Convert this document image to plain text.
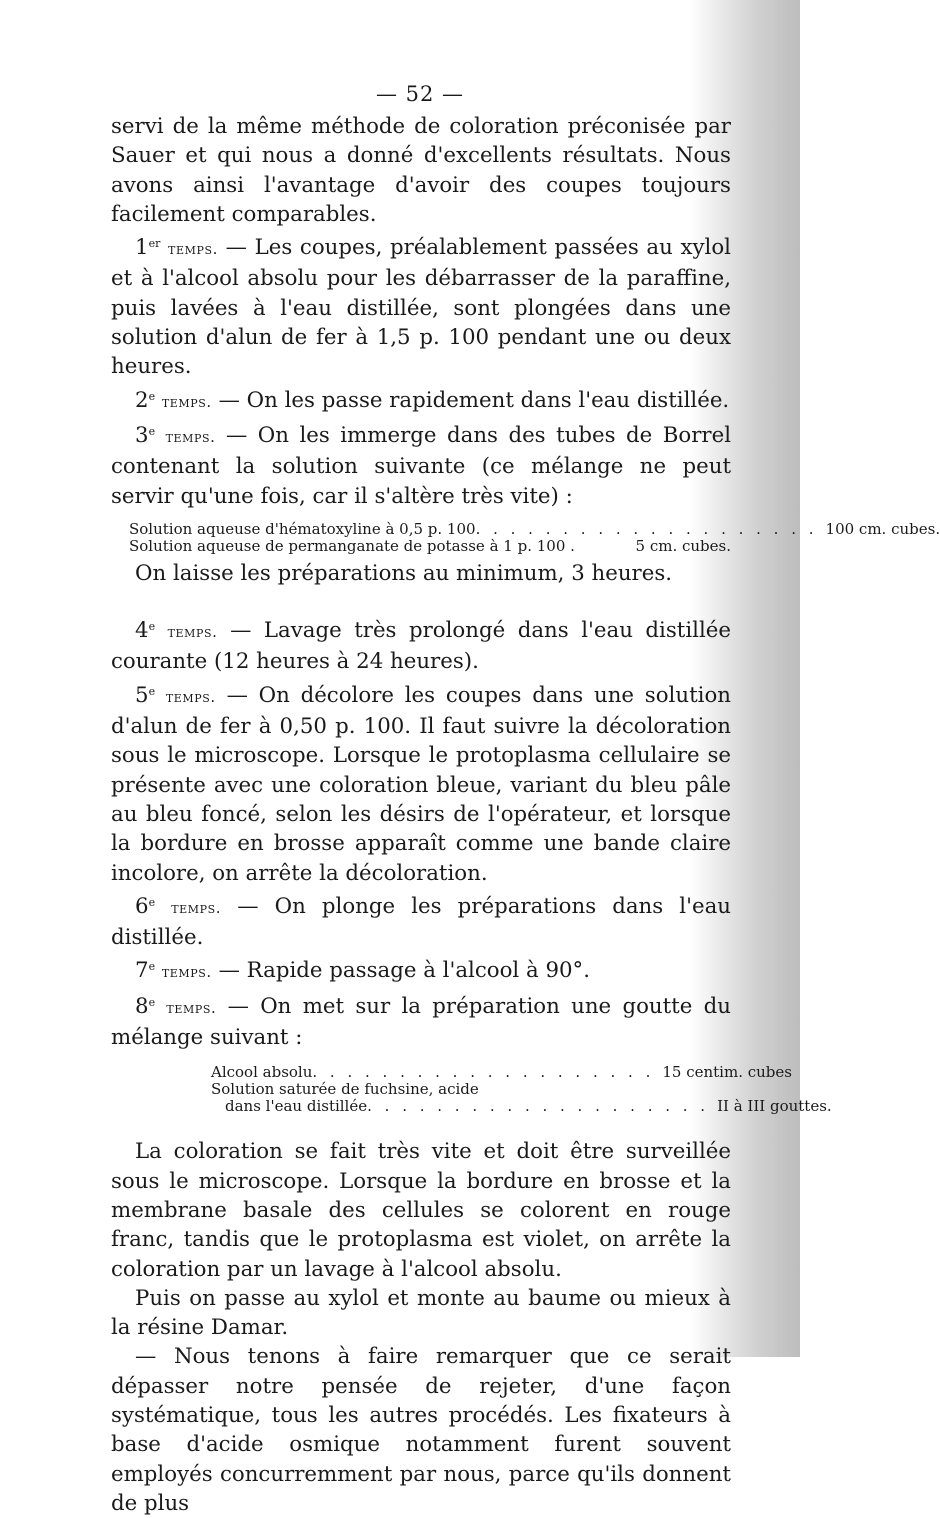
— 52 —

servi de la même méthode de coloration préconisée par Sauer et qui nous a donné d'excellents résultats. Nous avons ainsi l'avantage d'avoir des coupes toujours facilement comparables.

1er temps. — Les coupes, préalablement passées au xylol et à l'alcool absolu pour les débarrasser de la paraffine, puis lavées à l'eau distillée, sont plongées dans une solution d'alun de fer à 1,5 p. 100 pendant une ou deux heures.

2e temps. — On les passe rapidement dans l'eau distillée.

3e temps. — On les immerge dans des tubes de Borrel contenant la solution suivante (ce mélange ne peut servir qu'une fois, car il s'altère très vite) :

Solution aqueuse d'hématoxyline à 0,5 p. 100 . . . . . . . . . . . . . . . . . . . . 100 cm. cubes.
Solution aqueuse de permanganate de potasse à 1 p. 100 .	5 cm. cubes.

On laisse les préparations au minimum, 3 heures.

4e temps. — Lavage très prolongé dans l'eau distillée courante (12 heures à 24 heures).

5e temps. — On décolore les coupes dans une solution d'alun de fer à 0,50 p. 100. Il faut suivre la décoloration sous le microscope. Lorsque le protoplasma cellulaire se présente avec une coloration bleue, variant du bleu pâle au bleu foncé, selon les désirs de l'opérateur, et lorsque la bordure en brosse apparaît comme une bande claire incolore, on arrête la décoloration.

6e temps. — On plonge les préparations dans l'eau distillée.

7e temps. — Rapide passage à l'alcool à 90°.

8e temps. — On met sur la préparation une goutte du mélange suivant :

Alcool absolu . . . . . . . . . . . . . . . . . . . . 15 centim. cubes
Solution saturée de fuchsine, acide
dans l'eau distillée . . . . . . . . . . . . . . . . . . . . II à III gouttes.

La coloration se fait très vite et doit être surveillée sous le microscope. Lorsque la bordure en brosse et la membrane basale des cellules se colorent en rouge franc, tandis que le protoplasma est violet, on arrête la coloration par un lavage à l'alcool absolu.

Puis on passe au xylol et monte au baume ou mieux à la résine Damar.

— Nous tenons à faire remarquer que ce serait dépasser notre pensée de rejeter, d'une façon systématique, tous les autres procédés. Les fixateurs à base d'acide osmique notamment furent souvent employés concurremment par nous, parce qu'ils donnent de plus
